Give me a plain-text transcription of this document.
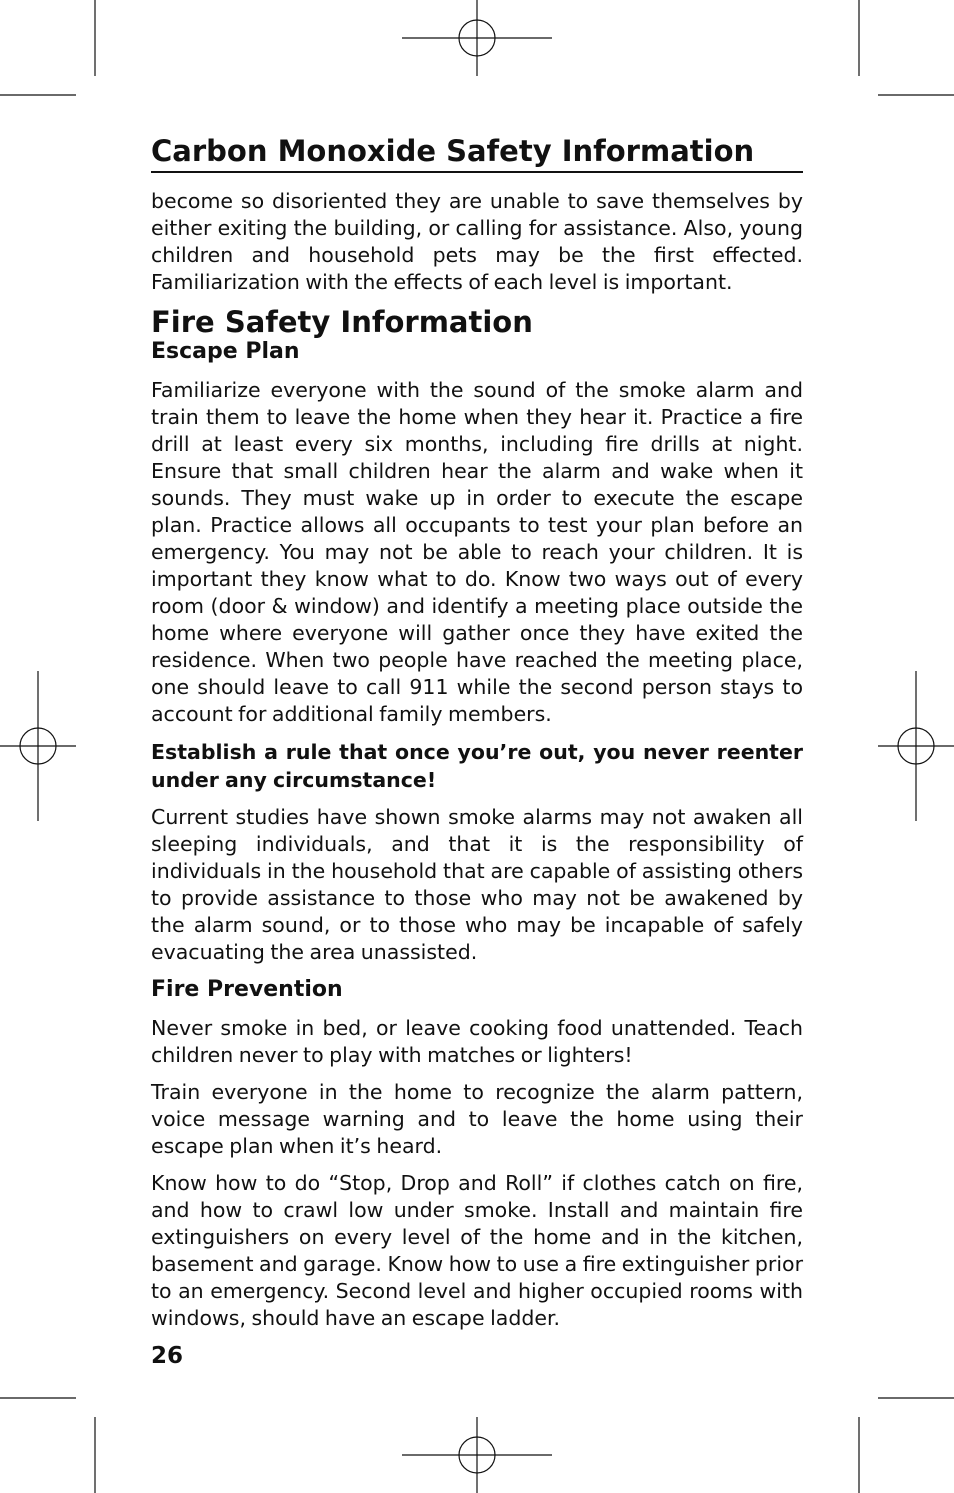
Carbon Monoxide Safety Information

become so disoriented they are unable to save themselves by either exiting the building, or calling for assistance. Also, young children and household pets may be the first effected. Familiarization with the effects of each level is important.

Fire Safety Information
Escape Plan

Familiarize everyone with the sound of the smoke alarm and train them to leave the home when they hear it. Practice a fire drill at least every six months, including fire drills at night. Ensure that small children hear the alarm and wake when it sounds. They must wake up in order to execute the escape plan. Practice allows all occupants to test your plan before an emergency. You may not be able to reach your children. It is important they know what to do. Know two ways out of every room (door & window) and identify a meeting place outside the home where everyone will gather once they have exited the residence. When two people have reached the meeting place, one should leave to call 911 while the second person stays to account for additional family members.

Establish a rule that once you’re out, you never reenter under any circumstance!

Current studies have shown smoke alarms may not awaken all sleeping individuals, and that it is the responsibility of individuals in the household that are capable of assisting others to provide assistance to those who may not be awakened by the alarm sound, or to those who may be incapable of safely evacuating the area unassisted.

Fire Prevention

Never smoke in bed, or leave cooking food unattended. Teach children never to play with matches or lighters!

Train everyone in the home to recognize the alarm pattern, voice message warning and to leave the home using their escape plan when it’s heard.

Know how to do “Stop, Drop and Roll” if clothes catch on fire, and how to crawl low under smoke. Install and maintain fire extinguishers on every level of the home and in the kitchen, basement and garage. Know how to use a fire extinguisher prior to an emergency. Second level and higher occupied rooms with windows, should have an escape ladder.

26
